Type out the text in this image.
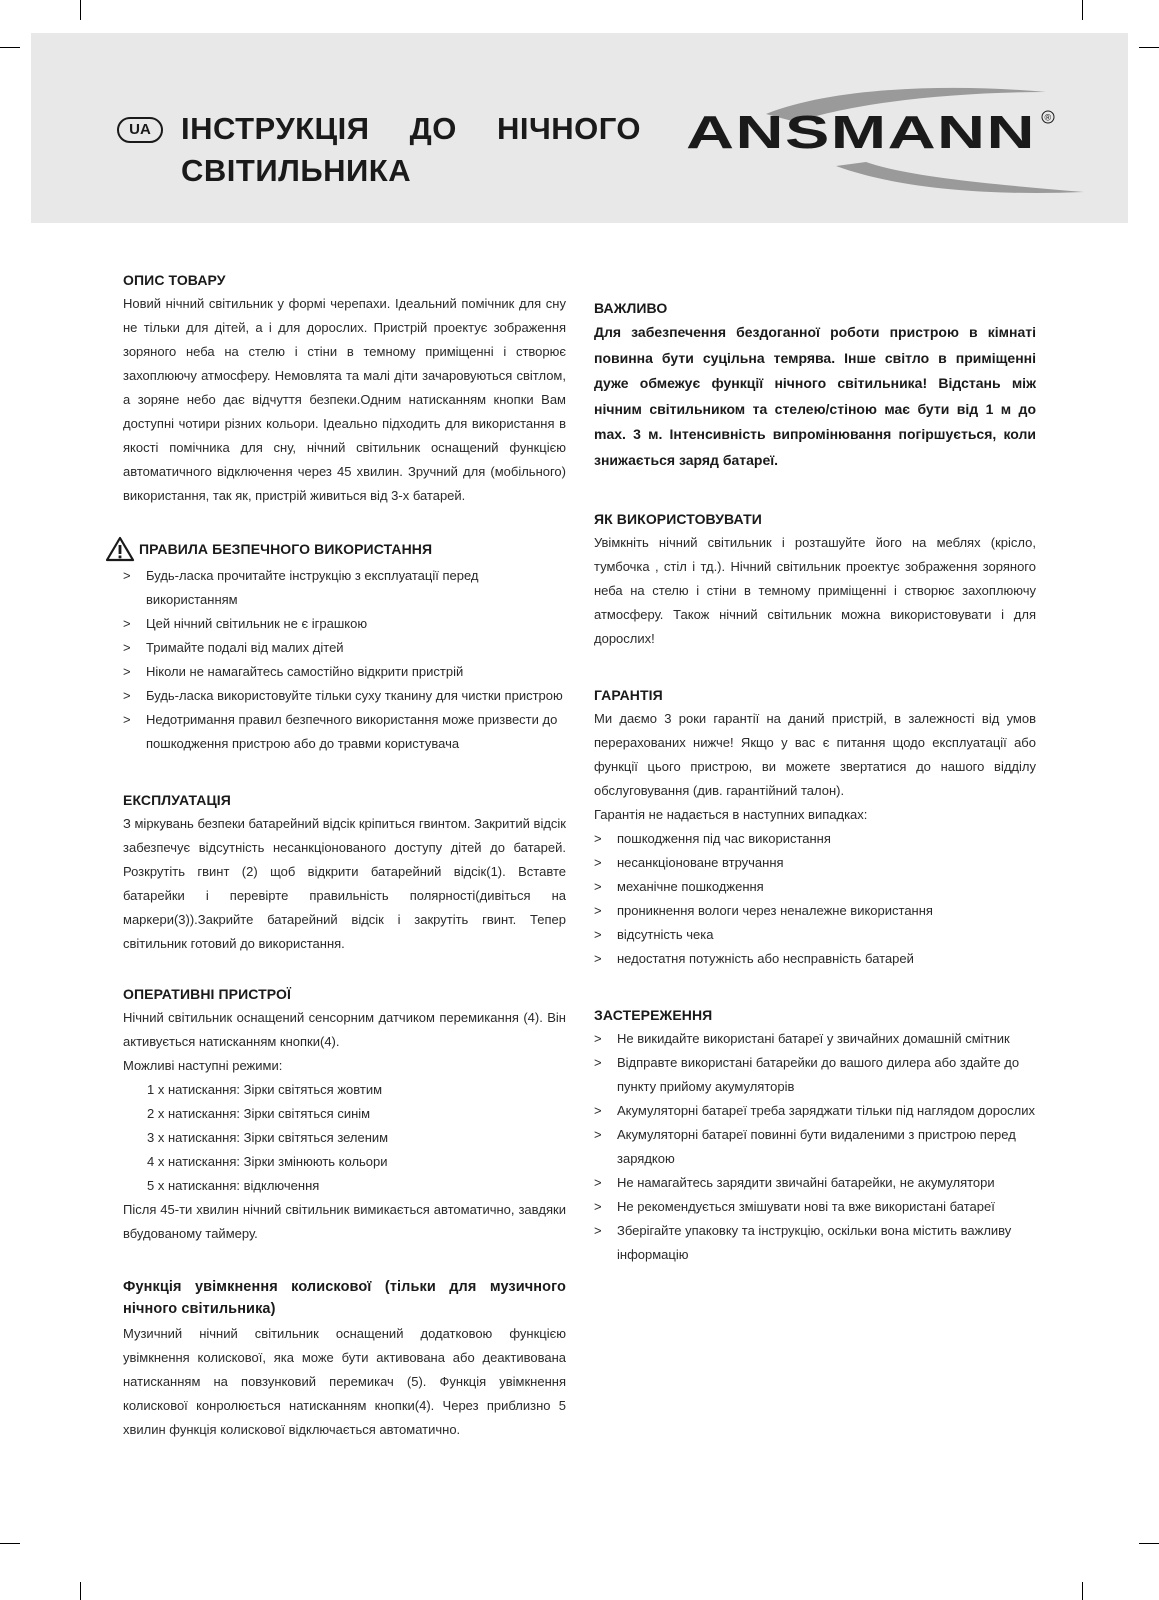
UA ІНСТРУКЦІЯ ДО НІЧНОГО СВІТИЛЬНИКА
ANSMANN ®
ОПИС ТОВАРУ

Новий нічний світильник у формі черепахи. Ідеальний помічник для сну не тільки для дітей, а і для дорослих. Пристрій проектує зображення зоряного неба на стелю і стіни в темному приміщенні і створює захоплюючу атмосферу. Немовлята та малі діти зачаровуються світлом, а зоряне небо дає відчуття безпеки.Одним натисканням кнопки Вам доступні чотири різних кольори. Ідеально підходить для використання в якості помічника для сну, нічний світильник оснащений функцією автоматичного відключення через 45 хвилин. Зручний для (мобільного) використання, так як, пристрій живиться від 3-х батарей.

ПРАВИЛА БЕЗПЕЧНОГО ВИКОРИСТАННЯ
> Будь-ласка прочитайте інструкцію з експлуатації перед використанням
> Цей нічний світильник не є іграшкою
> Тримайте подалі від малих дітей
> Ніколи не намагайтесь самостійно відкрити пристрій
> Будь-ласка використовуйте тільки суху тканину для чистки пристрою
> Недотримання правил безпечного використання може призвести до пошкодження пристрою або до травми користувача
ЕКСПЛУАТАЦІЯ

З міркувань безпеки батарейний відсік кріпиться гвинтом. Закритий відсік забезпечує відсутність несанкціонованого доступу дітей до батарей. Розкрутіть гвинт (2) щоб відкрити батарейний відсік(1). Вставте батарейки і перевірте правильність полярності(дивіться на маркери(3)).Закрийте батарейний відсік і закрутіть гвинт. Тепер світильник готовий до використання.

ОПЕРАТИВНІ ПРИСТРОЇ

Нічний світильник оснащений сенсорним датчиком перемикання (4). Він активується натисканням кнопки(4).

Можливі наступні режими:

1 x натискання: Зірки світяться жовтим
2 x натискання: Зірки світяться синім
3 x натискання: Зірки світяться зеленим
4 x натискання: Зірки змінюють кольори
5 x натискання: відключення

Після 45-ти хвилин нічний світильник вимикається автоматично, завдяки вбудованому таймеру.

Функція увімкнення колискової (тільки для музичного нічного світильника)

Музичний нічний світильник оснащений додатковою функцією увімкнення колискової, яка може бути активована або деактивована натисканням на повзунковий перемикач (5). Функція увімкнення колискової конролюється натисканням кнопки(4). Через приблизно 5 хвилин функція колискової відключається автоматично.

ВАЖЛИВО

Для забезпечення бездоганної роботи пристрою в кімнаті повинна бути суцільна темрява. Інше світло в приміщенні дуже обмежує функції нічного світильника! Відстань між нічним світильником та стелею/стіною має бути від 1 м до max. 3 м. Інтенсивність випромінювання погіршується, коли знижається заряд батареї.

ЯК ВИКОРИСТОВУВАТИ

Увімкніть нічний світильник і розташуйте його на меблях (крісло, тумбочка , стіл і тд.). Нічний світильник проектує зображення зоряного неба на стелю і стіни в темному приміщенні і створює захоплюючу атмосферу. Також нічний світильник можна використовувати і для дорослих!

ГАРАНТІЯ

Ми даємо 3 роки гарантії на даний пристрій, в залежності від умов перерахованих нижче! Якщо у вас є питання щодо експлуатації або функції цього пристрою, ви можете звертатися до нашого відділу обслуговування (див. гарантійний талон).

Гарантія не надається в наступних випадках:

> пошкодження під час використання
> несанкціоноване втручання
> механічне пошкодження
> проникнення вологи через неналежне використання
> відсутність чека
> недостатня потужність або несправність батарей
ЗАСТЕРЕЖЕННЯ
> Не викидайте використані батареї у звичайних домашній смітник
> Відправте використані батарейки до вашого дилера або здайте до пункту прийому акумуляторів
> Акумуляторні батареї треба заряджати тільки під наглядом дорослих
> Акумуляторні батареї повинні бути видаленими з пристрою перед зарядкою
> Не намагайтесь зарядити звичайні батарейки, не акумулятори
> Не рекомендується змішувати нові та вже використані батареї
> Зберігайте упаковку та інструкцію, оскільки вона містить важливу інформацію
